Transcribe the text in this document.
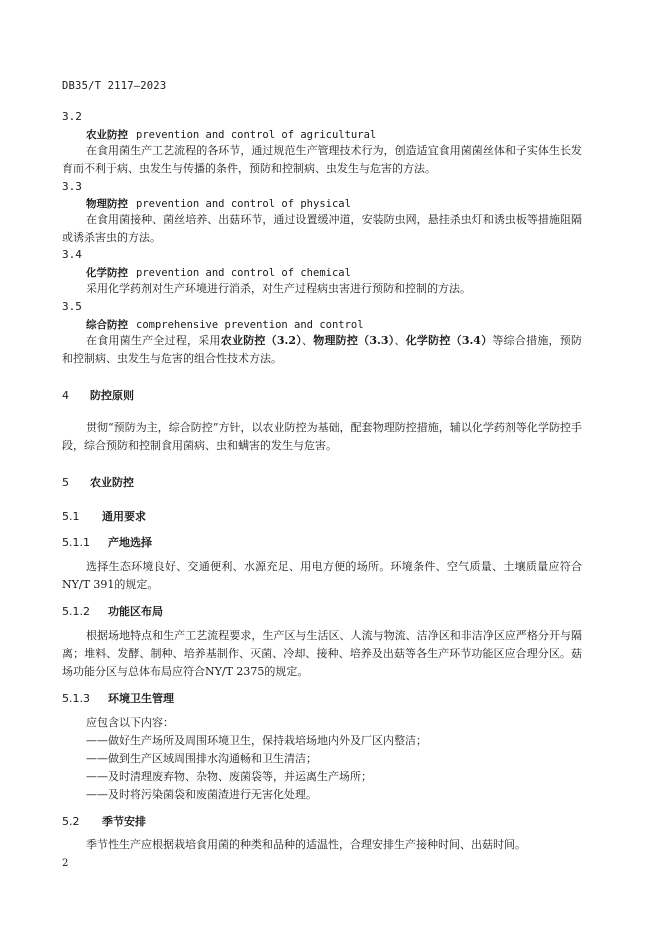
DB35/T 2117—2023
3.2
农业防控 prevention and control of agricultural
在食用菌生产工艺流程的各环节，通过规范生产管理技术行为，创造适宜食用菌菌丝体和子实体生长发育而不利于病、虫发生与传播的条件，预防和控制病、虫发生与危害的方法。
3.3
物理防控 prevention and control of physical
在食用菌接种、菌丝培养、出菇环节，通过设置缓冲道，安装防虫网，悬挂杀虫灯和诱虫板等措施阻隔或诱杀害虫的方法。
3.4
化学防控 prevention and control of chemical
采用化学药剂对生产环境进行消杀，对生产过程病虫害进行预防和控制的方法。
3.5
综合防控 comprehensive prevention and control
在食用菌生产全过程，采用农业防控（3.2）、物理防控（3.3）、化学防控（3.4）等综合措施，预防和控制病、虫发生与危害的组合性技术方法。
4 防控原则
贯彻“预防为主，综合防控”方针，以农业防控为基础，配套物理防控措施，辅以化学药剂等化学防控手段，综合预防和控制食用菌病、虫和螨害的发生与危害。
5 农业防控
5.1 通用要求
5.1.1 产地选择
选择生态环境良好、交通便利、水源充足、用电方便的场所。环境条件、空气质量、土壤质量应符合NY/T 391的规定。
5.1.2 功能区布局
根据场地特点和生产工艺流程要求，生产区与生活区、人流与物流、洁净区和非洁净区应严格分开与隔离；堆料、发酵、制种、培养基制作、灭菌、冷却、接种、培养及出菇等各生产环节功能区应合理分区。菇场功能分区与总体布局应符合NY/T 2375的规定。
5.1.3 环境卫生管理
应包含以下内容：
——做好生产场所及周围环境卫生，保持栽培场地内外及厂区内整洁；
——做到生产区域周围排水沟通畅和卫生清洁；
——及时清理废弃物、杂物、废菌袋等，并运离生产场所；
——及时将污染菌袋和废菌渣进行无害化处理。
5.2 季节安排
季节性生产应根据栽培食用菌的种类和品种的适温性，合理安排生产接种时间、出菇时间。
2
